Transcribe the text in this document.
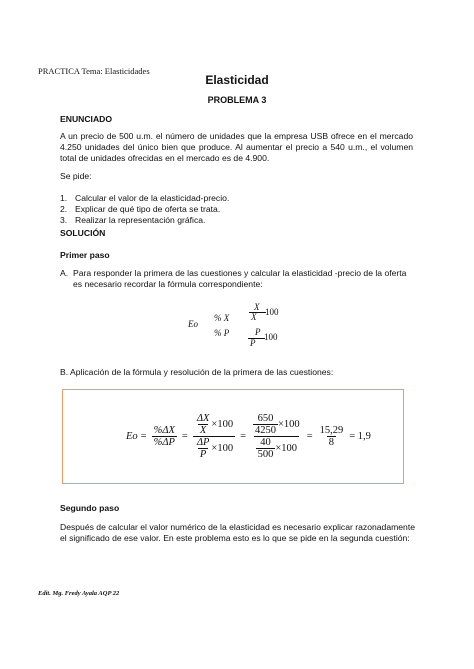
PRACTICA Tema: Elasticidades
Elasticidad
PROBLEMA 3
ENUNCIADO
A un precio de 500 u.m. el número de unidades que la empresa USB ofrece en el mercado 4.250 unidades del único bien que produce. Al aumentar el precio a 540 u.m., el volumen total de unidades ofrecidas en el mercado es de 4.900.
Se pide:
1. Calcular el valor de la elasticidad-precio.
2. Explicar de qué tipo de oferta se trata.
3. Realizar la representación gráfica.
SOLUCIÓN
Primer paso
A. Para responder la primera de las cuestiones y calcular la elasticidad -precio de la oferta es necesario recordar la fórmula correspondiente:
Eo
% X
% P
X
X 100
P
P
100
B. Aplicación de la fórmula y resolución de la primera de las cuestiones:
$Eo = \frac{\%\Delta X}{\%\Delta P} = \frac{\frac{\Delta X}{X} \times 100}{\frac{\Delta P}{P} \times 100} = \frac{\frac{650}{4250} \times 100}{\frac{40}{500} \times 100} = \frac{15,29}{8} = 1,9$
Segundo paso
Después de calcular el valor numérico de la elasticidad es necesario explicar razonadamente el significado de ese valor. En este problema esto es lo que se pide en la segunda cuestión:
Edit. Mg. Fredy Ayala AQP 22
